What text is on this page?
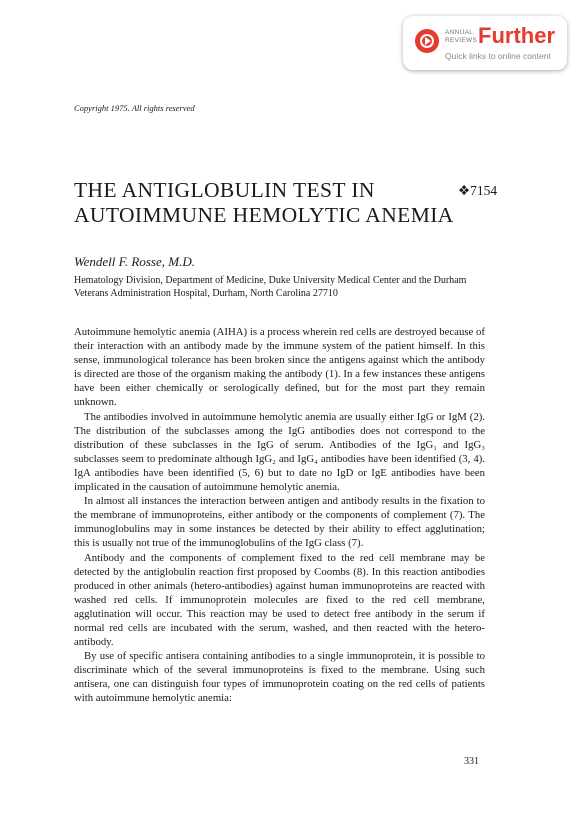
ANNUAL
REVIEWS Further
Quick links to online content
Copyright 1975. All rights reserved
THE ANTIGLOBULIN TEST IN
AUTOIMMUNE HEMOLYTIC ANEMIA
❖7154
Wendell F. Rosse, M.D.
Hematology Division, Department of Medicine, Duke University Medical Center and the Durham Veterans Administration Hospital, Durham, North Carolina 27710

Autoimmune hemolytic anemia (AIHA) is a process wherein red cells are destroyed because of their interaction with an antibody made by the immune system of the patient himself. In this sense, immunological tolerance has been broken since the antigens against which the antibody is directed are those of the organism making the antibody (1). In a few instances these antigens have been either chemically or serologically defined, but for the most part they remain unknown.

The antibodies involved in autoimmune hemolytic anemia are usually either IgG or IgM (2). The distribution of the subclasses among the IgG antibodies does not correspond to the distribution of these subclasses in the IgG of serum. Antibodies of the IgG₁ and IgG₃ subclasses seem to predominate although IgG₂ and IgG₄ antibodies have been identified (3, 4). IgA antibodies have been identified (5, 6) but to date no IgD or IgE antibodies have been implicated in the causation of autoimmune hemolytic anemia.

In almost all instances the interaction between antigen and antibody results in the fixation to the membrane of immunoproteins, either antibody or the components of complement (7). The immunoglobulins may in some instances be detected by their ability to effect agglutination; this is usually not true of the immunoglobulins of the IgG class (7).

Antibody and the components of complement fixed to the red cell membrane may be detected by the antiglobulin reaction first proposed by Coombs (8). In this reaction antibodies produced in other animals (hetero-antibodies) against human immunoproteins are reacted with washed red cells. If immunoprotein molecules are fixed to the red cell membrane, agglutination will occur. This reaction may be used to detect free antibody in the serum if normal red cells are incubated with the serum, washed, and then reacted with the hetero-antibody.

By use of specific antisera containing antibodies to a single immunoprotein, it is possible to discriminate which of the several immunoproteins is fixed to the membrane. Using such antisera, one can distinguish four types of immunoprotein coating on the red cells of patients with autoimmune hemolytic anemia:

331
